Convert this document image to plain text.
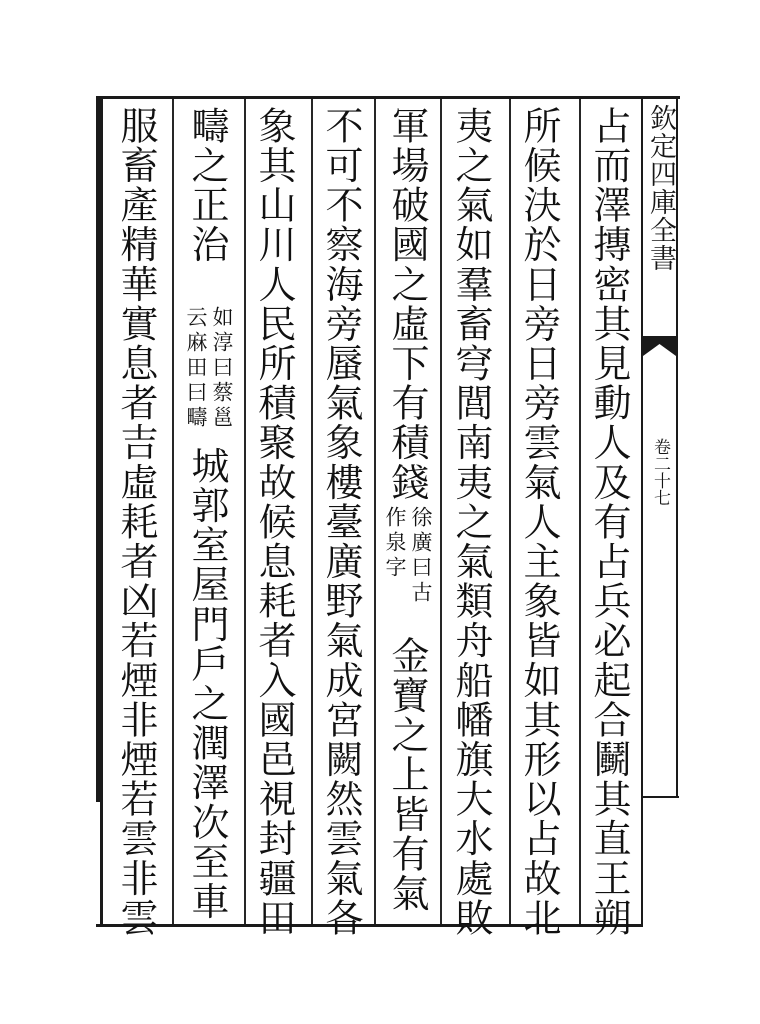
欽定四庫全書
卷二十七
占而澤摶密其見動人及有占兵必起合鬭其直王朔
所候決於日旁日旁雲氣人主象皆如其形以占故北
夷之氣如羣畜穹閭南夷之氣類舟船幡旗大水處敗
軍場破國之虛下有積錢
徐廣曰古
作泉字
金寶之上皆有氣
不可不察海旁蜃氣象樓臺廣野氣成宮闕然雲氣各
象其山川人民所積聚故候息耗者入國邑視封疆田
疇之正治
如淳曰蔡邕
云麻田曰疇
城郭室屋門戶之潤澤次至車
服畜產精華實息者吉虛耗者凶若煙非煙若雲非雲
